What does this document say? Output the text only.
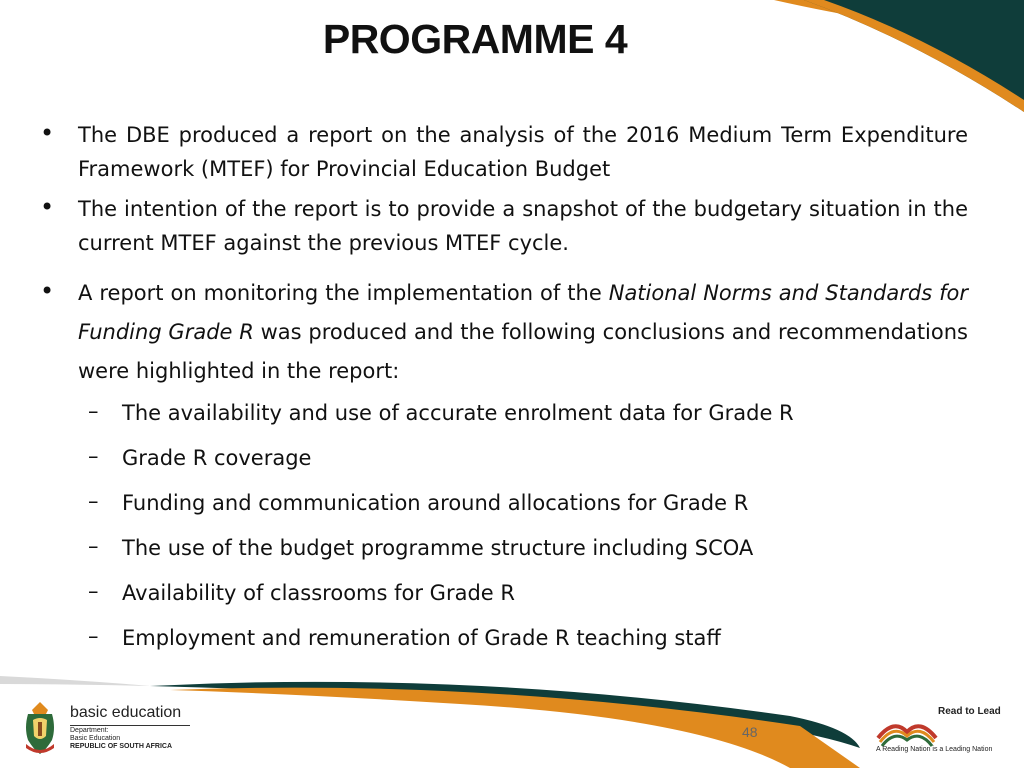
PROGRAMME 4
• The DBE produced a report on the analysis of the 2016 Medium Term Expenditure Framework (MTEF) for Provincial Education Budget

• The intention of the report is to provide a snapshot of the budgetary situation in the current MTEF against the previous MTEF cycle.

• A report on monitoring the implementation of the National Norms and Standards for Funding Grade R was produced and the following conclusions and recommendations were highlighted in the report:

– The availability and use of accurate enrolment data for Grade R
– Grade R coverage
– Funding and communication around allocations for Grade R
– The use of the budget programme structure including SCOA
– Availability of classrooms for Grade R
– Employment and remuneration of Grade R teaching staff
basic education
Department:
Basic Education
REPUBLIC OF SOUTH AFRICA
48
Read to Lead
A Reading Nation is a Leading Nation
